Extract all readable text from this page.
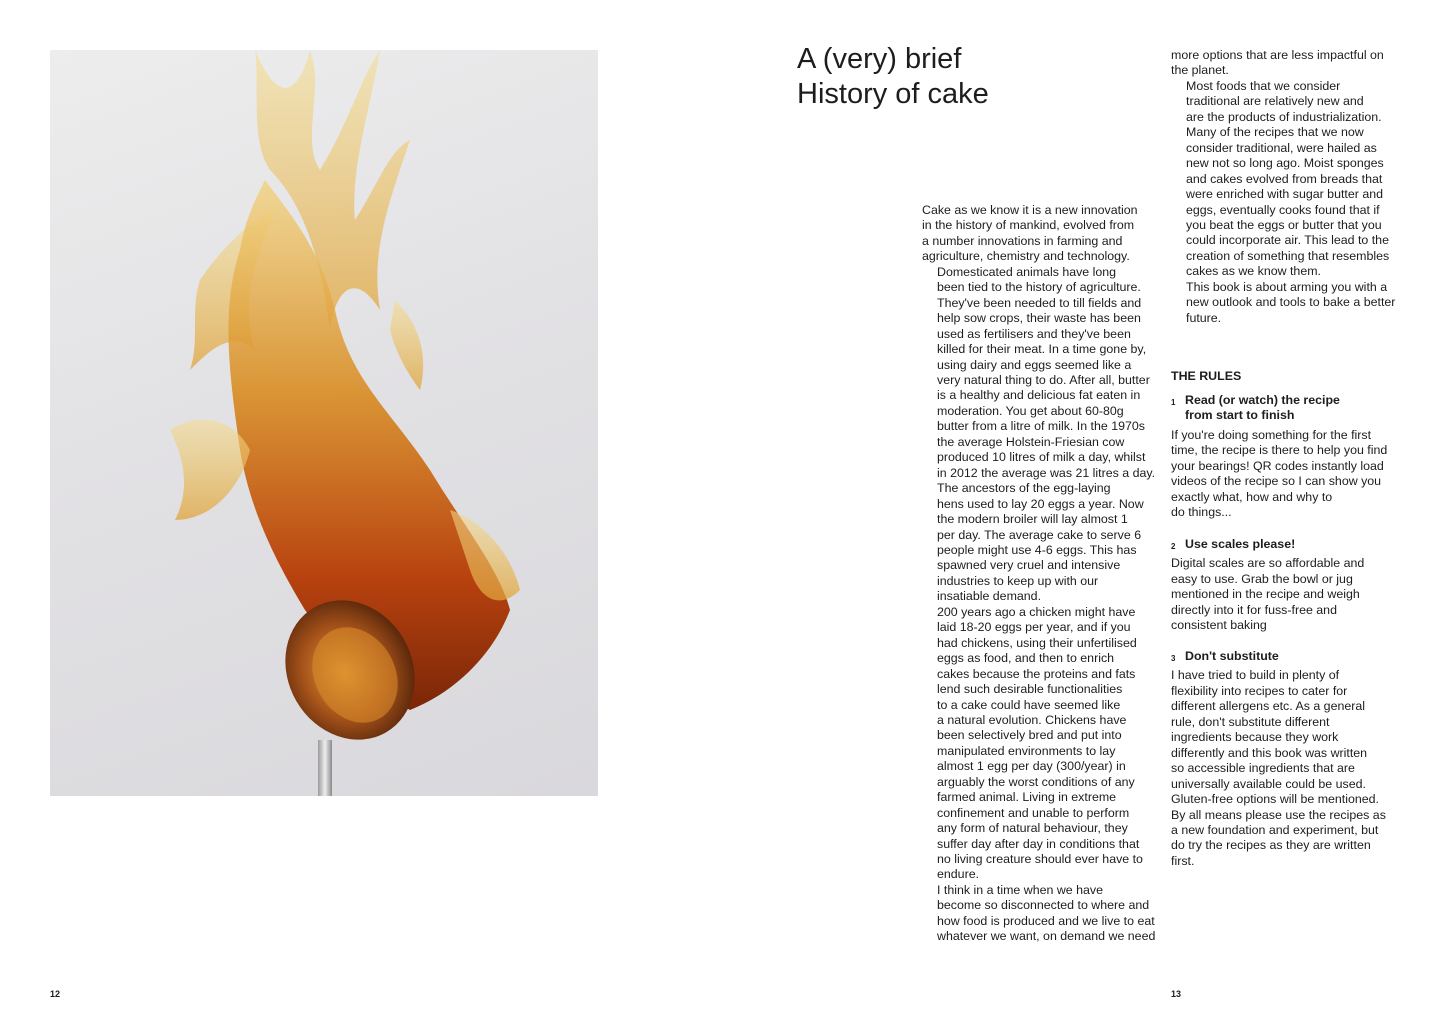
12
A (very) brief
History of cake

Cake as we know it is a new innovation
in the history of mankind, evolved from
a number innovations in farming and
agriculture, chemistry and technology.

Domesticated animals have long
been tied to the history of agriculture.
They've been needed to till fields and
help sow crops, their waste has been
used as fertilisers and they've been
killed for their meat. In a time gone by,
using dairy and eggs seemed like a
very natural thing to do. After all, butter
is a healthy and delicious fat eaten in
moderation. You get about 60-80g
butter from a litre of milk. In the 1970s
the average Holstein-Friesian cow
produced 10 litres of milk a day, whilst
in 2012 the average was 21 litres a day.

The ancestors of the egg-laying
hens used to lay 20 eggs a year. Now
the modern broiler will lay almost 1
per day. The average cake to serve 6
people might use 4-6 eggs. This has
spawned very cruel and intensive
industries to keep up with our
insatiable demand.

200 years ago a chicken might have
laid 18-20 eggs per year, and if you
had chickens, using their unfertilised
eggs as food, and then to enrich
cakes because the proteins and fats
lend such desirable functionalities
to a cake could have seemed like
a natural evolution. Chickens have
been selectively bred and put into
manipulated environments to lay
almost 1 egg per day (300/year) in
arguably the worst conditions of any
farmed animal. Living in extreme
confinement and unable to perform
any form of natural behaviour, they
suffer day after day in conditions that
no living creature should ever have to
endure.

I think in a time when we have
become so disconnected to where and
how food is produced and we live to eat
whatever we want, on demand we need

more options that are less impactful on
the planet.

Most foods that we consider
traditional are relatively new and
are the products of industrialization.
Many of the recipes that we now
consider traditional, were hailed as
new not so long ago. Moist sponges
and cakes evolved from breads that
were enriched with sugar butter and
eggs, eventually cooks found that if
you beat the eggs or butter that you
could incorporate air. This lead to the
creation of something that resembles
cakes as we know them.

This book is about arming you with a
new outlook and tools to bake a better
future.

THE RULES
1 Read (or watch) the recipe
from start to finish
If you're doing something for the first
time, the recipe is there to help you find
your bearings! QR codes instantly load
videos of the recipe so I can show you
exactly what, how and why to
do things...
2 Use scales please!
Digital scales are so affordable and
easy to use. Grab the bowl or jug
mentioned in the recipe and weigh
directly into it for fuss-free and
consistent baking
3 Don't substitute
I have tried to build in plenty of
flexibility into recipes to cater for
different allergens etc. As a general
rule, don't substitute different
ingredients because they work
differently and this book was written
so accessible ingredients that are
universally available could be used.
Gluten-free options will be mentioned.
By all means please use the recipes as
a new foundation and experiment, but
do try the recipes as they are written
first.
13
